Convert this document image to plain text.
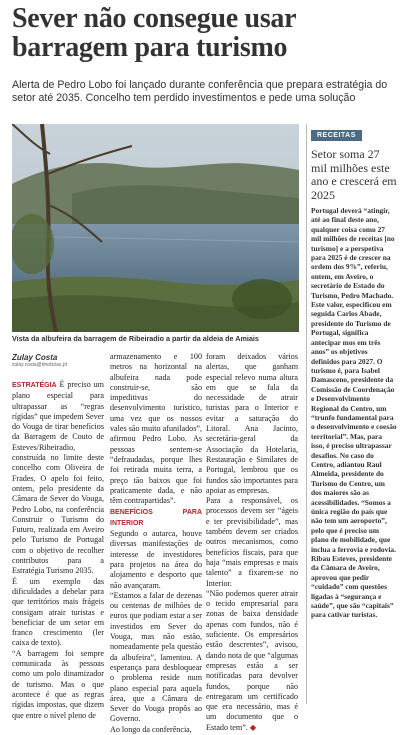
Sever não consegue usar barragem para turismo
Alerta de Pedro Lobo foi lançado durante conferência que preparа estratégia do setor até 2035. Concelho tem perdido investimentos e pede uma solução
Vista da albufeira da barragem de Ribeiradio a partir da aldeia de Amiais
Zulay Costa
zulay.costa@dnoticias.pt

ESTRATÉGIA É preciso um plano especial para ultrapassar as “regras rígidas” que impedem Sever do Vouga de tirar benefícios da Barragem de Couto de Esteves/Ribeiradio, construída no limite deste concelho com Oliveira de Frades. O apelo foi feito, ontem, pelo presidente da Câmara de Sever do Vouga, Pedro Lobo, na conferência Construir o Turismo do Futuro, realizada em Aveiro pelo Turismo de Portugal com o objetivo de recolher contributos para a Estratégia Turismo 2035.

É um exemplo das dificuldades a debelar para que territórios mais frágeis consigam atrair turistas e beneficiar de um setor em franco crescimento (ler caixa de texto).

“A barragem foi sempre comunicada às pessoas como um polo dinamizador de turismo. Mas o que acontece é que as regras rígidas impostas, que dizem que entre o nível pleno de

armazenamento e 100 metros na horizontal na albufeira nada pode construir-se, são impeditivas do desenvolvimento turístico, uma vez que os nossos vales são muito afunilados”, afirmou Pedro Lobo. As pessoas sentem-se “defraudadas, porque lhes foi retirada muita terra, a preço tão baixos que foi praticamente dada, e não têm contrapartidas”.

BENEFÍCIOS PARA INTERIOR

Segundo o autarca, houve diversas manifestações de interesse de investidores para projetos na área do alojamento e desporto que não avançaram.

“Estamos a falar de dezenas ou centenas de milhões de euros que podiam estar a ser investidos em Sever do Vouga, mas não estão, nomeadamente pela questão da albufeira”, lamentou. A esperança para desbloquear o problema reside num plano especial para aquela área, que a Câmara de Sever do Vouga propôs ao Governo.

Ao longo da conferência,

foram deixados vários alertas, que ganham especial relevo numa altura em que se fala da necessidade de atrair turistas para o Interior e evitar a saturação do Litoral. Ana Jacinto, secretária-geral da Associação da Hotelaria, Restauração e Similares de Portugal, lembrou que os fundos são importantes para apoiar as empresas.

Para a responsável, os processos devem ser “ágeis e ter previsibilidade”, mas também devem ser criados outros mecanismos, como benefícios fiscais, para que haja “mais empresas e mais talento” a fixarem-se no Interior.

“Não podemos querer atrair o tecido empresarial para zonas de baixa densidade apenas com fundos, não é suficiente. Os empresários estão descrentes”, avisou, dando nota de que “algumas empresas estão a ser notificadas para devolver fundos, porque não entregaram um certificado que era necessário, mas é um documento que o Estado tem”. ◆

RECEITAS
Setor soma 27 mil milhões este ano e crescerá em 2025
Portugal deverá “atingir, até ao final deste ano, qualquer coisa como 27 mil milhões de receitas [no turismo] e a perspetiva para 2025 é de crescer na ordem dos 9%”, referiu, ontem, em Aveiro, o secretário de Estado do Turismo, Pedro Machado. Este valor, especificou em seguida Carlos Abade, presidente do Turismo de Portugal, significa antecipar mos em três anos” os objetivos definidos para 2027. O turismo é, para Isabel Damasceno, presidente da Comissão de Coordenação e Desenvolvimento Regional do Centro, um “trunfo fundamental para o desenvolvimento e coesão territorial”. Mas, para isso, é preciso ultrapassar desafios. No caso do Centro, adiantou Raul Almeida, presidente do Turismo do Centro, um dos maiores são as acessibilidades. “Somos a única região do país que não tem um aeroporto”, pelo que é preciso um plano de mobilidade, que inclua a ferrovia e rodovia. Ribau Esteves, presidente da Câmara de Aveiro, aprovou que pedir “cuidado” com questões ligadas à “segurança e saúde”, que são “capitais” para cativar turistas.
